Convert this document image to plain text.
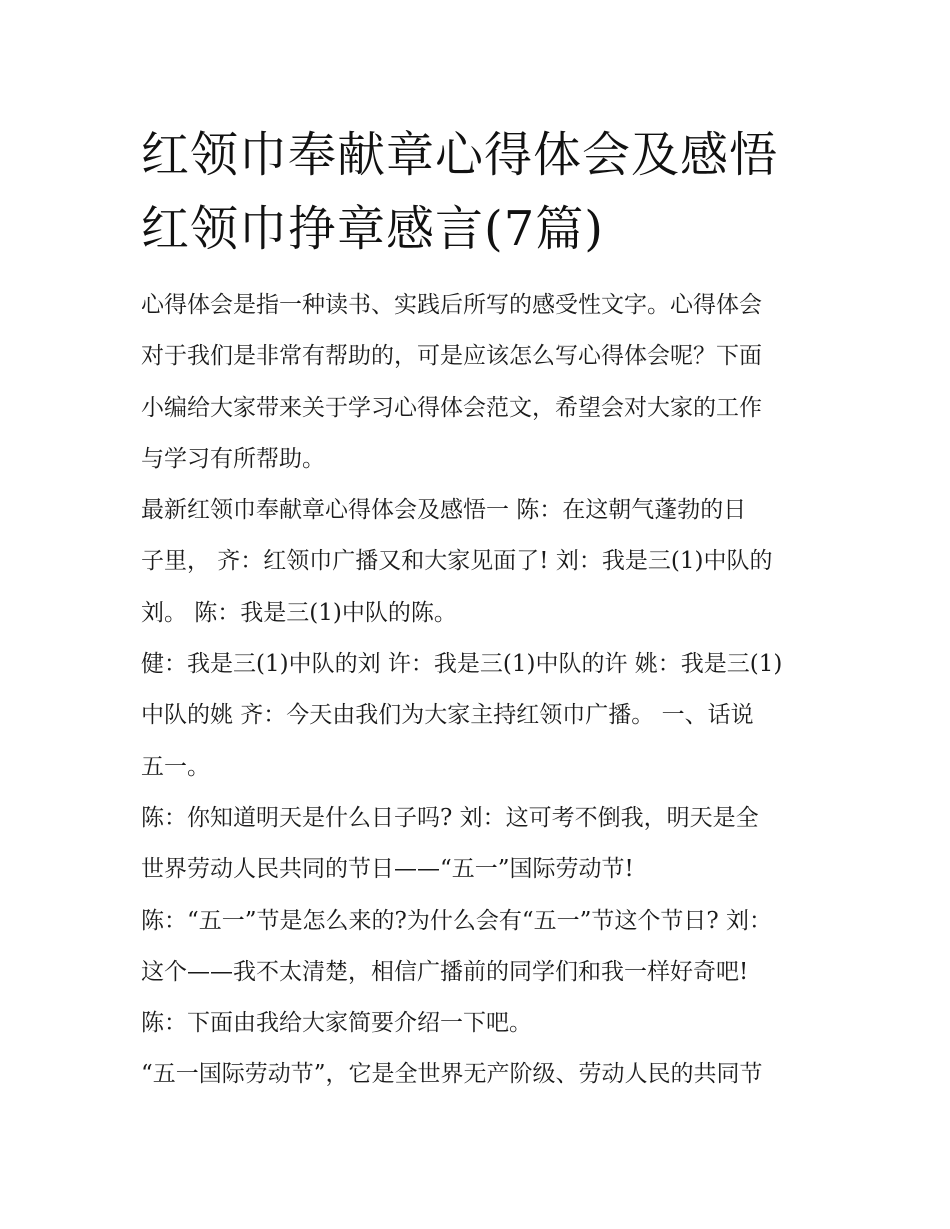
红领巾奉献章心得体会及感悟
红领巾挣章感言(7篇)

心得体会是指一种读书、实践后所写的感受性文字。心得体会
对于我们是非常有帮助的，可是应该怎么写心得体会呢？下面
小编给大家带来关于学习心得体会范文，希望会对大家的工作
与学习有所帮助。

最新红领巾奉献章心得体会及感悟一 陈：在这朝气蓬勃的日
子里， 齐：红领巾广播又和大家见面了! 刘：我是三(1)中队的
刘。 陈：我是三(1)中队的陈。

健：我是三(1)中队的刘 许：我是三(1)中队的许 姚：我是三(1)
中队的姚 齐：今天由我们为大家主持红领巾广播。 一、话说
五一。

陈：你知道明天是什么日子吗? 刘：这可考不倒我，明天是全
世界劳动人民共同的节日——“五一”国际劳动节!

陈：“五一”节是怎么来的?为什么会有“五一”节这个节日? 刘：
这个——我不太清楚，相信广播前的同学们和我一样好奇吧!

陈：下面由我给大家简要介绍一下吧。

“五一国际劳动节”，它是全世界无产阶级、劳动人民的共同节
